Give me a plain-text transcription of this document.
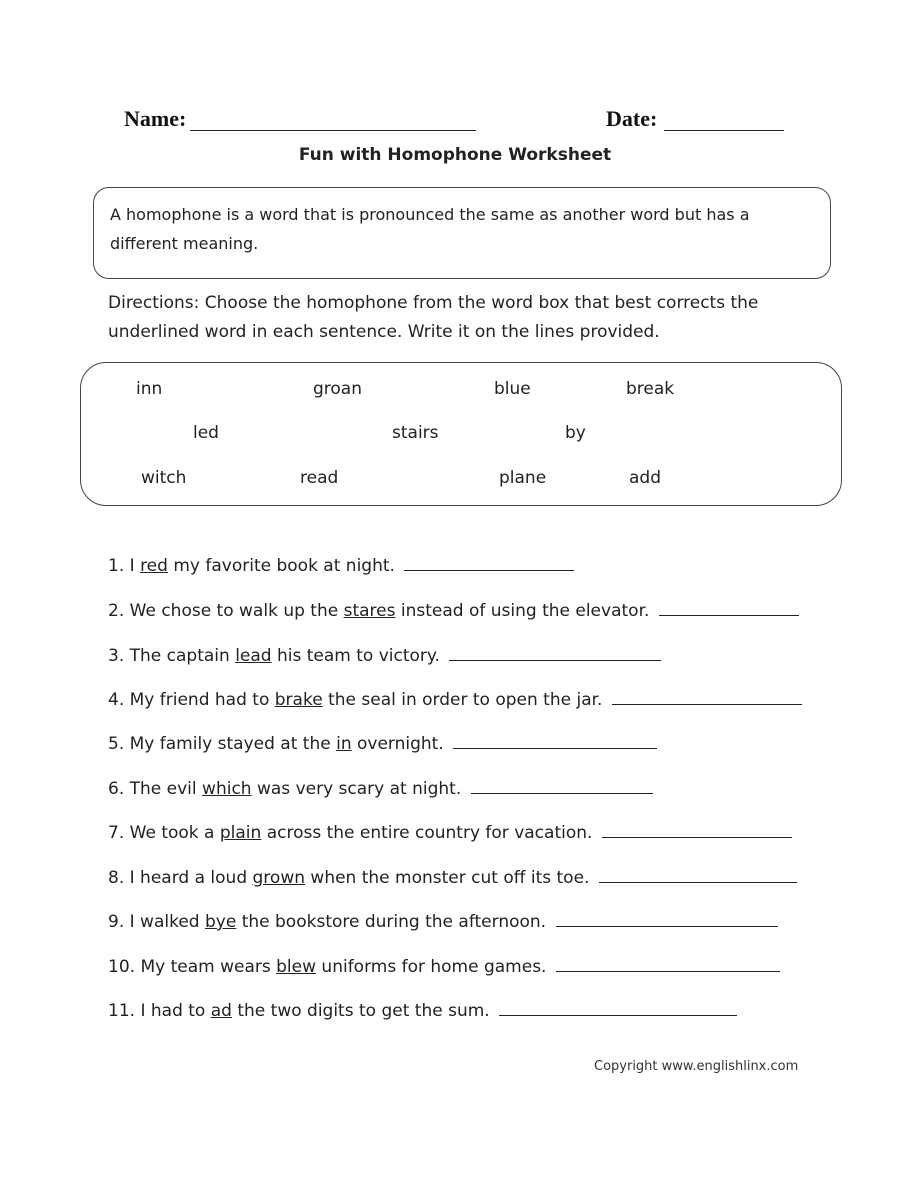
Name:	Date:
Fun with Homophone Worksheet
A homophone is a word that is pronounced the same as another word but has a different meaning.
Directions: Choose the homophone from the word box that best corrects the underlined word in each sentence. Write it on the lines provided.
inn	groan	blue	break
led	stairs	by
witch	read	plane	add
1. I red my favorite book at night.
2. We chose to walk up the stares instead of using the elevator.
3. The captain lead his team to victory.
4. My friend had to brake the seal in order to open the jar.
5. My family stayed at the in overnight.
6. The evil which was very scary at night.
7. We took a plain across the entire country for vacation.
8. I heard a loud grown when the monster cut off its toe.
9. I walked bye the bookstore during the afternoon.
10. My team wears blew uniforms for home games.
11. I had to ad the two digits to get the sum.
Copyright www.englishlinx.com
